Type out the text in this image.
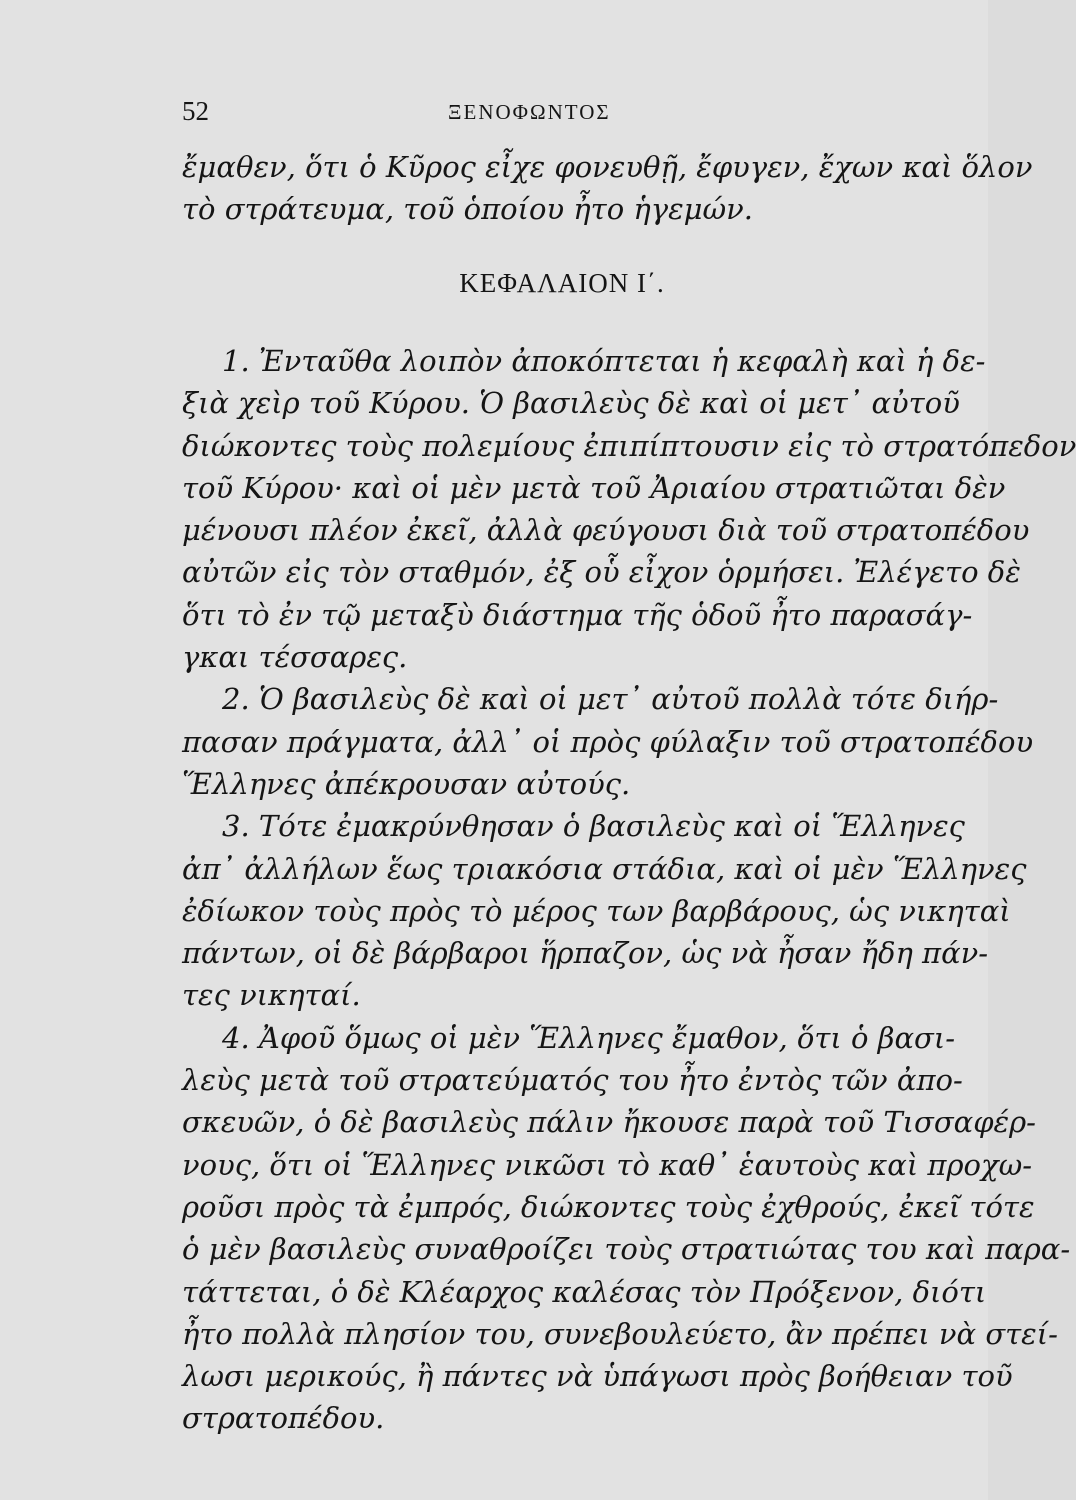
52	ΞΕΝΟΦΩΝΤΟΣ
ἔμαθεν, ὅτι ὁ Κῦρος εἶχε φονευθῇ, ἔφυγεν, ἔχων καὶ ὅλον
τὸ στράτευμα, τοῦ ὁποίου ἦτο ἡγεμών.
ΚΕΦΑΛΑΙΟΝ Ι΄.
1. Ἐνταῦθα λοιπὸν ἀποκόπτεται ἡ κεφαλὴ καὶ ἡ δε-
ξιὰ χεὶρ τοῦ Κύρου. Ὁ βασιλεὺς δὲ καὶ οἱ μετ᾿ αὐτοῦ
διώκοντες τοὺς πολεμίους ἐπιπίπτουσιν εἰς τὸ στρατόπεδον
τοῦ Κύρου· καὶ οἱ μὲν μετὰ τοῦ Ἀριαίου στρατιῶται δὲν
μένουσι πλέον ἐκεῖ, ἀλλὰ φεύγουσι διὰ τοῦ στρατοπέδου
αὐτῶν εἰς τὸν σταθμόν, ἐξ οὗ εἶχον ὁρμήσει. Ἐλέγετο δὲ
ὅτι τὸ ἐν τῷ μεταξὺ διάστημα τῆς ὁδοῦ ἦτο παρασάγ-
γκαι τέσσαρες.
2. Ὁ βασιλεὺς δὲ καὶ οἱ μετ᾿ αὐτοῦ πολλὰ τότε διήρ-
πασαν πράγματα, ἀλλ᾿ οἱ πρὸς φύλαξιν τοῦ στρατοπέδου
Ἕλληνες ἀπέκρουσαν αὐτούς.
3. Τότε ἐμακρύνθησαν ὁ βασιλεὺς καὶ οἱ Ἕλληνες
ἀπ᾿ ἀλλήλων ἕως τριακόσια στάδια, καὶ οἱ μὲν Ἕλληνες
ἐδίωκον τοὺς πρὸς τὸ μέρος των βαρβάρους, ὡς νικηταὶ
πάντων, οἱ δὲ βάρβαροι ἥρπαζον, ὡς νὰ ἦσαν ἤδη πάν-
τες νικηταί.
4. Ἀφοῦ ὅμως οἱ μὲν Ἕλληνες ἔμαθον, ὅτι ὁ βασι-
λεὺς μετὰ τοῦ στρατεύματός του ἦτο ἐντὸς τῶν ἀπο-
σκευῶν, ὁ δὲ βασιλεὺς πάλιν ἤκουσε παρὰ τοῦ Τισσαφέρ-
νους, ὅτι οἱ Ἕλληνες νικῶσι τὸ καθ᾿ ἑαυτοὺς καὶ προχω-
ροῦσι πρὸς τὰ ἐμπρός, διώκοντες τοὺς ἐχθρούς, ἐκεῖ τότε
ὁ μὲν βασιλεὺς συναθροίζει τοὺς στρατιώτας του καὶ παρα-
τάττεται, ὁ δὲ Κλέαρχος καλέσας τὸν Πρόξενον, διότι
ἦτο πολλὰ πλησίον του, συνεβουλεύετο, ἂν πρέπει νὰ στεί-
λωσι μερικούς, ἢ πάντες νὰ ὑπάγωσι πρὸς βοήθειαν τοῦ
στρατοπέδου.
